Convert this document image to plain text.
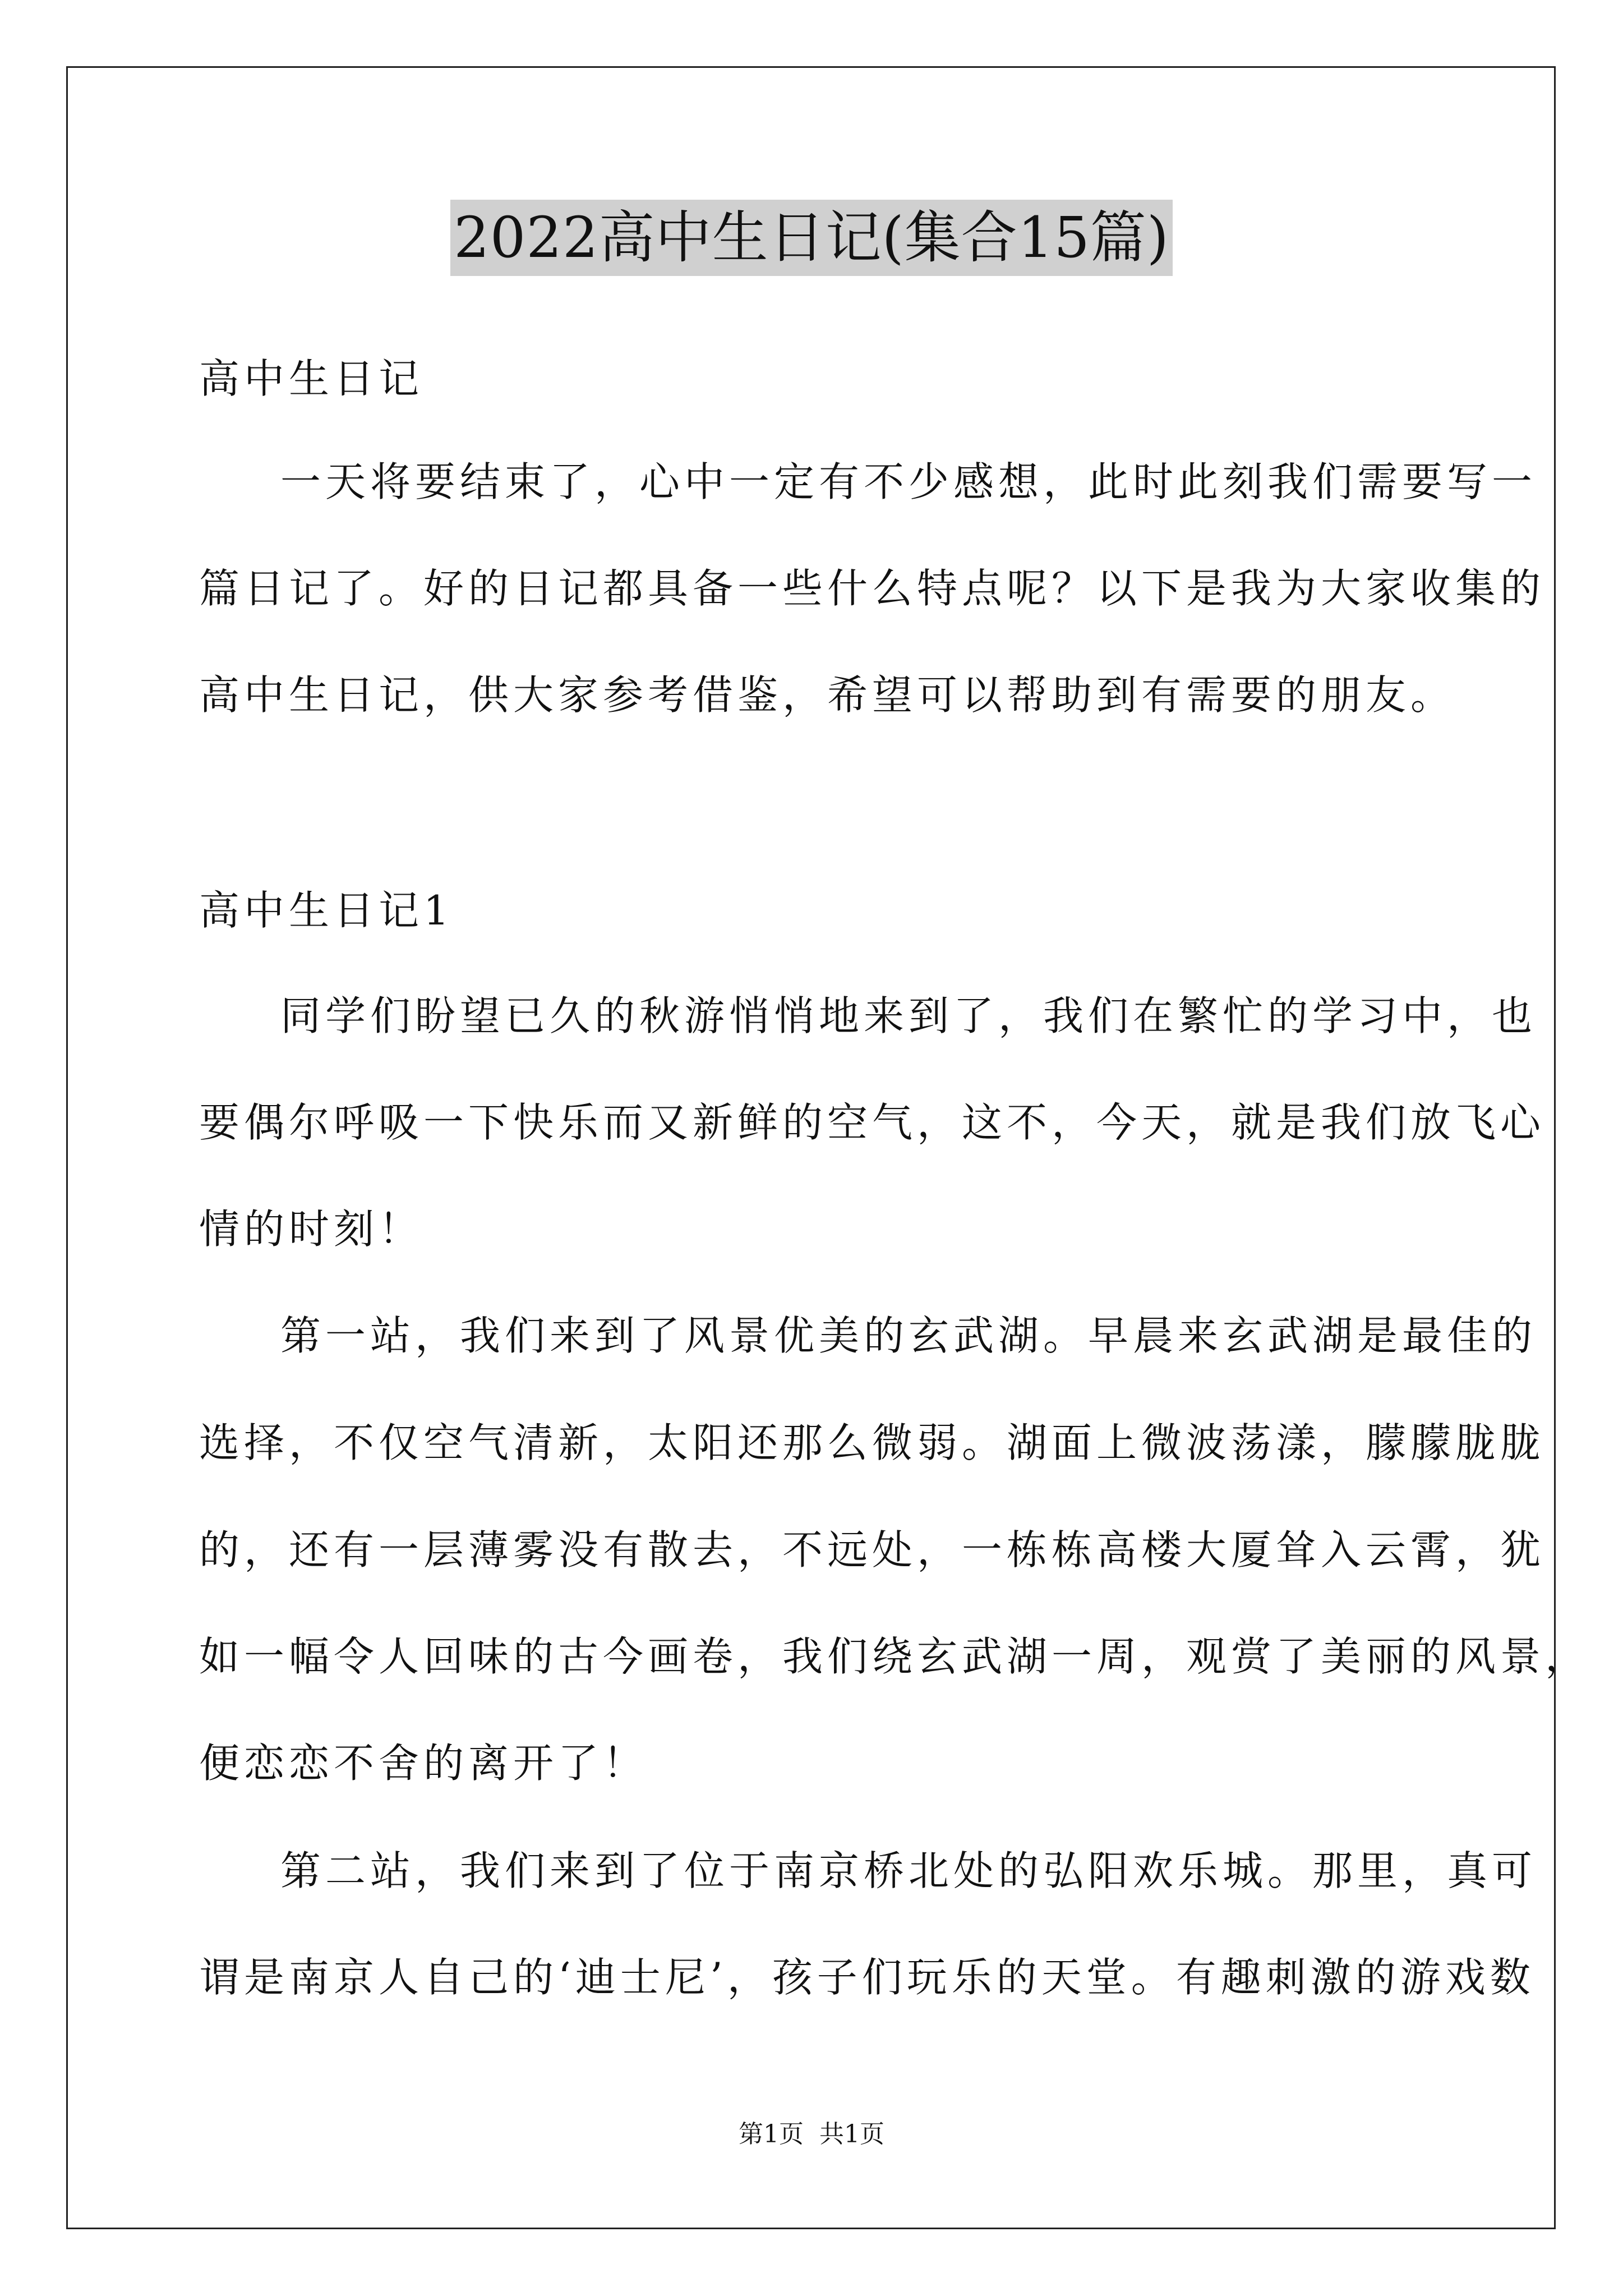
2022高中生日记(集合15篇)
高中生日记
一天将要结束了，心中一定有不少感想，此时此刻我们需要写一
篇日记了。好的日记都具备一些什么特点呢？以下是我为大家收集的
高中生日记，供大家参考借鉴，希望可以帮助到有需要的朋友。
高中生日记1
同学们盼望已久的秋游悄悄地来到了，我们在繁忙的学习中，也
要偶尔呼吸一下快乐而又新鲜的空气，这不，今天，就是我们放飞心
情的时刻！
第一站，我们来到了风景优美的玄武湖。早晨来玄武湖是最佳的
选择，不仅空气清新，太阳还那么微弱。湖面上微波荡漾，朦朦胧胧
的，还有一层薄雾没有散去，不远处，一栋栋高楼大厦耸入云霄，犹
如一幅令人回味的古今画卷，我们绕玄武湖一周，观赏了美丽的风景，
便恋恋不舍的离开了！
第二站，我们来到了位于南京桥北处的弘阳欢乐城。那里，真可
谓是南京人自己的‘迪士尼’，孩子们玩乐的天堂。有趣刺激的游戏数
第1页 共1页
